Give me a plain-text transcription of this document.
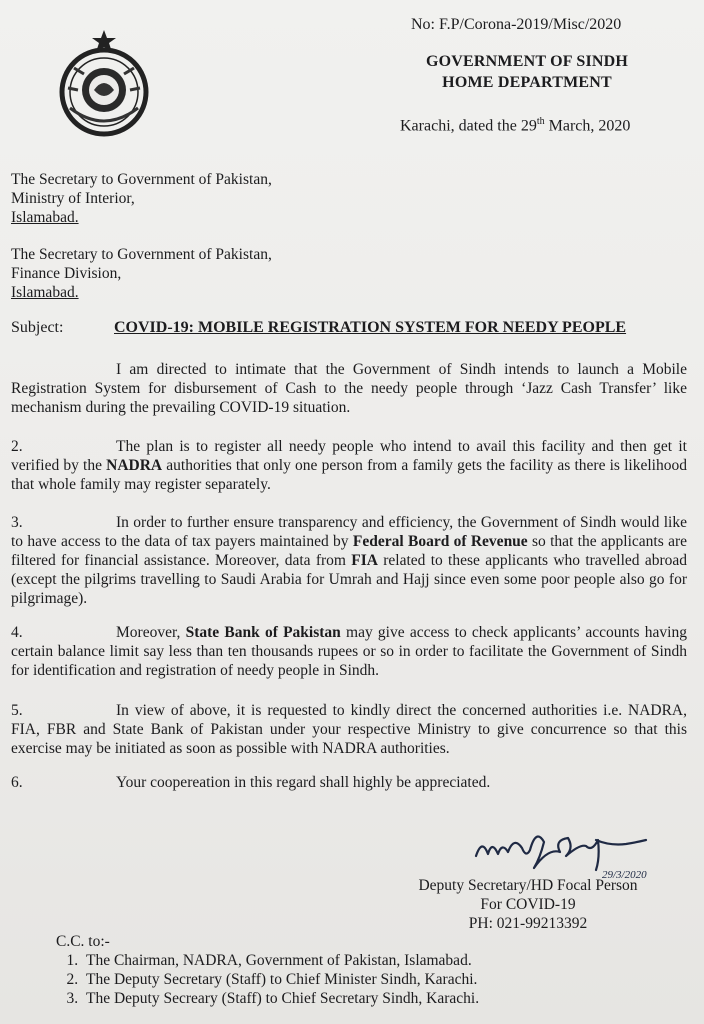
No: F.P/Corona-2019/Misc/2020
GOVERNMENT OF SINDH
HOME DEPARTMENT
Karachi, dated the 29th March, 2020
The Secretary to Government of Pakistan,
Ministry of Interior,
Islamabad.
The Secretary to Government of Pakistan,
Finance Division,
Islamabad.
Subject:	COVID-19: MOBILE REGISTRATION SYSTEM FOR NEEDY PEOPLE

I am directed to intimate that the Government of Sindh intends to launch a Mobile Registration System for disbursement of Cash to the needy people through ‘Jazz Cash Transfer’ like mechanism during the prevailing COVID-19 situation.

2.	The plan is to register all needy people who intend to avail this facility and then get it verified by the NADRA authorities that only one person from a family gets the facility as there is likelihood that whole family may register separately.

3.	In order to further ensure transparency and efficiency, the Government of Sindh would like to have access to the data of tax payers maintained by Federal Board of Revenue so that the applicants are filtered for financial assistance. Moreover, data from FIA related to these applicants who travelled abroad (except the pilgrims travelling to Saudi Arabia for Umrah and Hajj since even some poor people also go for pilgrimage).

4.	Moreover, State Bank of Pakistan may give access to check applicants’ accounts having certain balance limit say less than ten thousands rupees or so in order to facilitate the Government of Sindh for identification and registration of needy people in Sindh.

5.	In view of above, it is requested to kindly direct the concerned authorities i.e. NADRA, FIA, FBR and State Bank of Pakistan under your respective Ministry to give concurrence so that this exercise may be initiated as soon as possible with NADRA authorities.

6.	Your coopereation in this regard shall highly be appreciated.

29/3/2020
Deputy Secretary/HD Focal Person
For COVID-19
PH: 021-99213392
C.C. to:-
1. The Chairman, NADRA, Government of Pakistan, Islamabad.
2. The Deputy Secretary (Staff) to Chief Minister Sindh, Karachi.
3. The Deputy Secreary (Staff) to Chief Secretary Sindh, Karachi.
